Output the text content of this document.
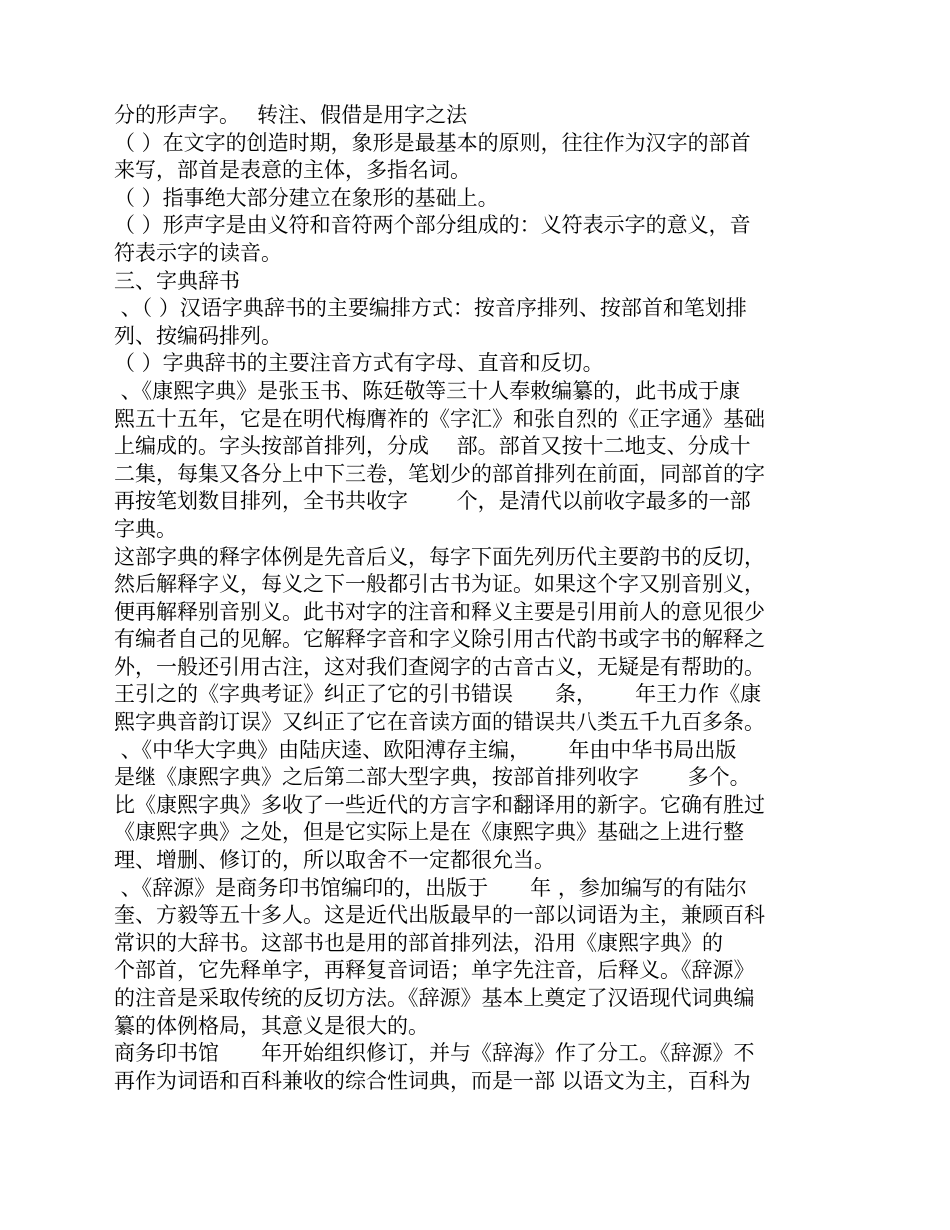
分的形声字。　 转注、假借是用字之法
（ ）在文字的创造时期，象形是最基本的原则，往往作为汉字的部首
来写，部首是表意的主体，多指名词。
（ ）指事绝大部分建立在象形的基础上。
（ ）形声字是由义符和音符两个部分组成的：义符表示字的意义，音
符表示字的读音。
三、字典辞书
、（ ）汉语字典辞书的主要编排方式：按音序排列、按部首和笔划排
列、按编码排列。
（ ）字典辞书的主要注音方式有字母、直音和反切。
、《康熙字典》是张玉书、陈廷敬等三十人奉敕编纂的，此书成于康
熙五十五年，它是在明代梅膺祚的《字汇》和张自烈的《正字通》基础
上编成的。字头按部首排列，分成　 部。部首又按十二地支、分成十
二集，每集又各分上中下三卷，笔划少的部首排列在前面，同部首的字
再按笔划数目排列，全书共收字　　 个，是清代以前收字最多的一部
字典。
这部字典的释字体例是先音后义，每字下面先列历代主要韵书的反切，
然后解释字义，每义之下一般都引古书为证。如果这个字又别音别义，
便再解释别音别义。此书对字的注音和释义主要是引用前人的意见很少
有编者自己的见解。它解释字音和字义除引用古代韵书或字书的解释之
外，一般还引用古注，这对我们查阅字的古音古义，无疑是有帮助的。
王引之的《字典考证》纠正了它的引书错误　　条，　　 年王力作《康
熙字典音韵订误》又纠正了它在音读方面的错误共八类五千九百多条。
、《中华大字典》由陆庆逵、欧阳溥存主编，　　 年由中华书局出版
是继《康熙字典》之后第二部大型字典，按部首排列收字　　 多个。
比《康熙字典》多收了一些近代的方言字和翻译用的新字。它确有胜过
《康熙字典》之处，但是它实际上是在《康熙字典》基础之上进行整
理、增删、修订的，所以取舍不一定都很允当。
、《辞源》是商务印书馆编印的，出版于　　年 ，参加编写的有陆尔
奎、方毅等五十多人。这是近代出版最早的一部以词语为主，兼顾百科
常识的大辞书。这部书也是用的部首排列法，沿用《康熙字典》的
个部首，它先释单字，再释复音词语；单字先注音，后释义。《辞源》
的注音是采取传统的反切方法。《辞源》基本上奠定了汉语现代词典编
纂的体例格局，其意义是很大的。
商务印书馆　　年开始组织修订，并与《辞海》作了分工。《辞源》不
再作为词语和百科兼收的综合性词典，而是一部 以语文为主，百科为
